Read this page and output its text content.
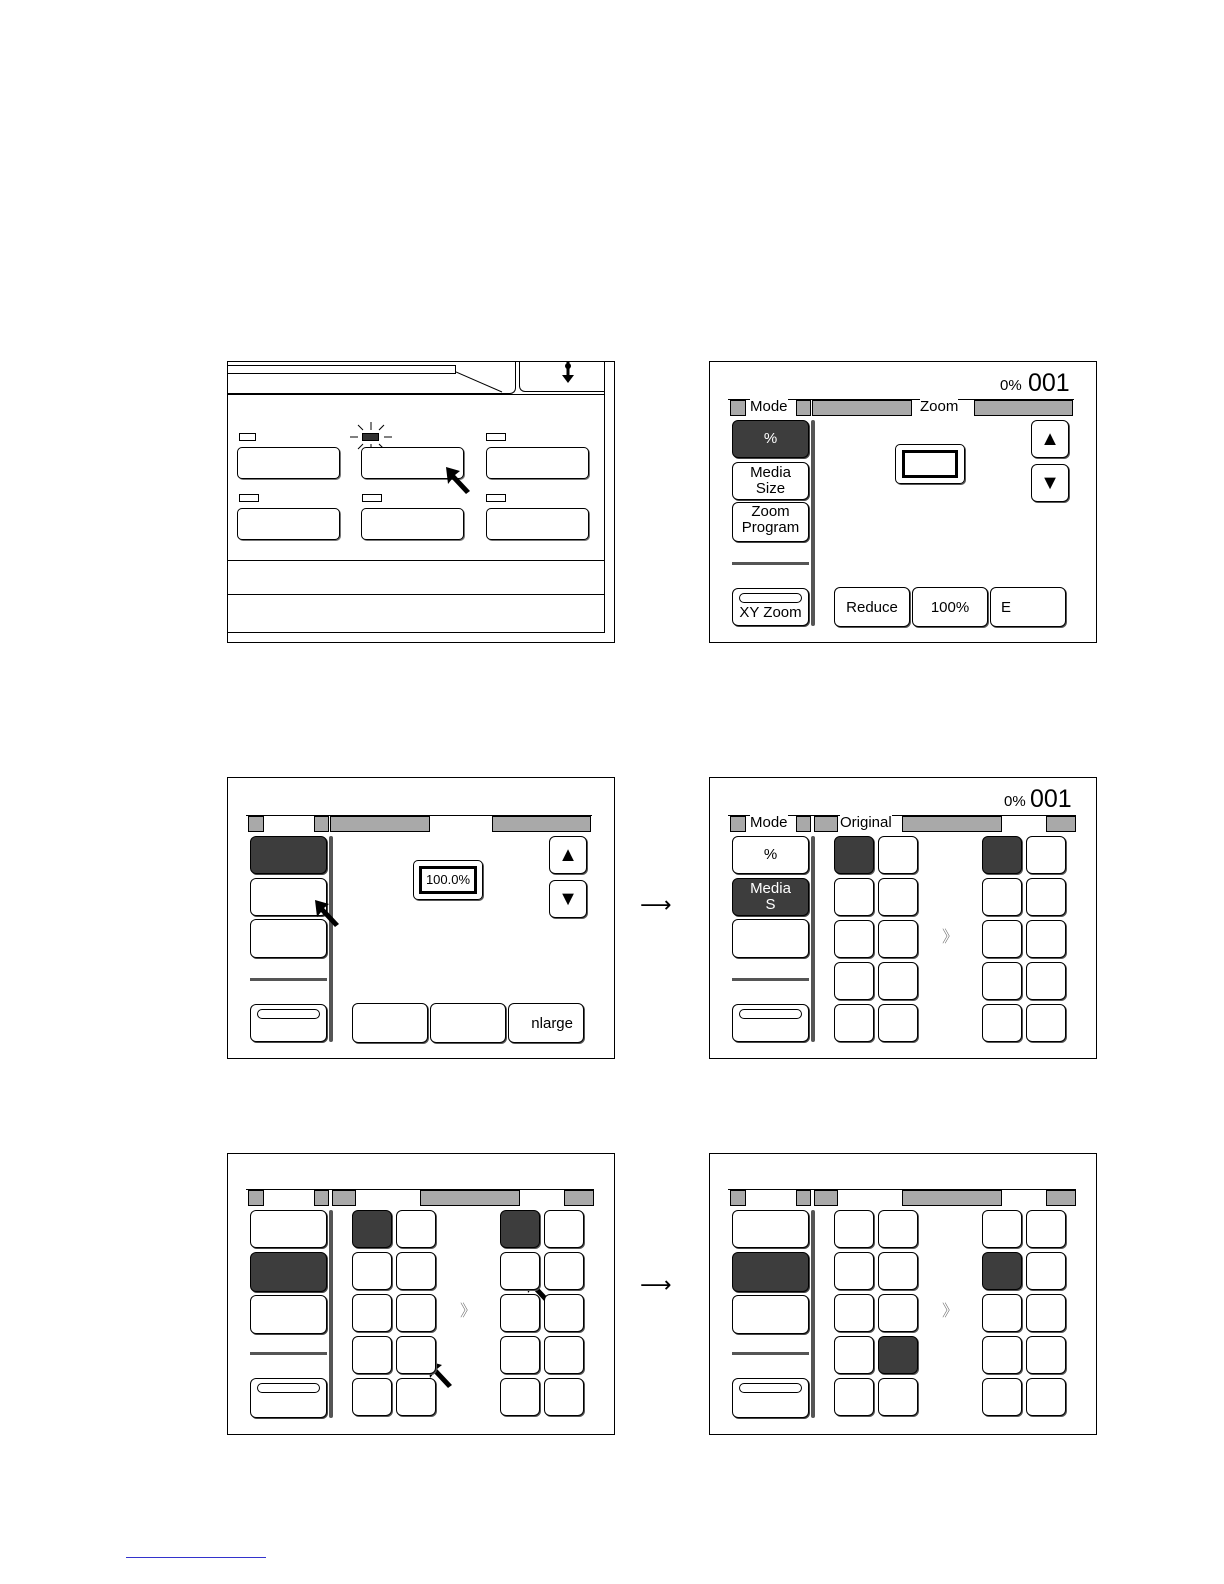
0% 001
Mode	Zoom
%
Media
Size
Zoom
Program
XY Zoom
▲
▼
Reduce 100% E
100.0%
▲
▼
nlarge
⟶
0% 001
Mode	Original
%
Media
S
》
》
⟶
》
